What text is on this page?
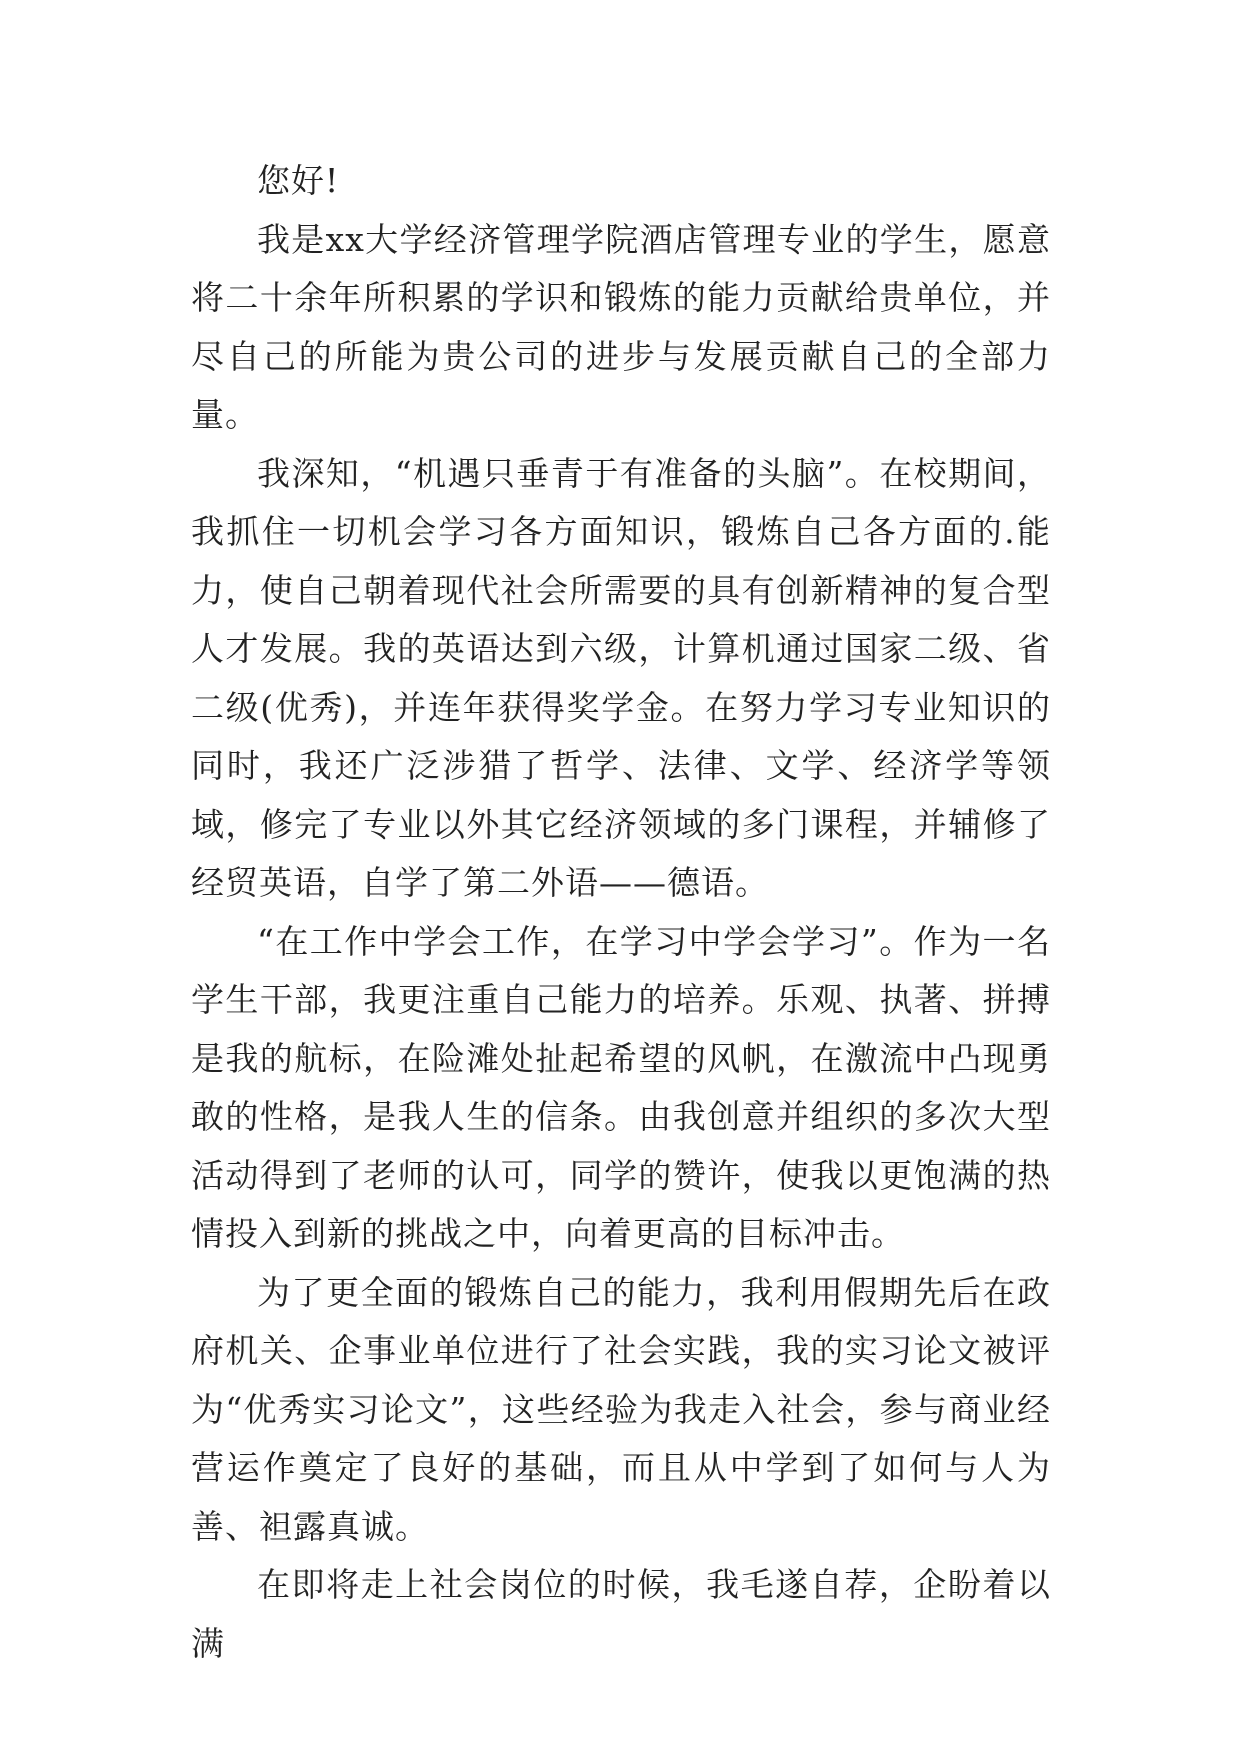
您好!

我是xx大学经济管理学院酒店管理专业的学生，愿意将二十余年所积累的学识和锻炼的能力贡献给贵单位，并尽自己的所能为贵公司的进步与发展贡献自己的全部力量。

我深知，“机遇只垂青于有准备的头脑”。在校期间，我抓住一切机会学习各方面知识，锻炼自己各方面的.能力，使自己朝着现代社会所需要的具有创新精神的复合型人才发展。我的英语达到六级，计算机通过国家二级、省二级(优秀)，并连年获得奖学金。在努力学习专业知识的同时，我还广泛涉猎了哲学、法律、文学、经济学等领域，修完了专业以外其它经济领域的多门课程，并辅修了经贸英语，自学了第二外语——德语。

“在工作中学会工作，在学习中学会学习”。作为一名学生干部，我更注重自己能力的培养。乐观、执著、拼搏是我的航标，在险滩处扯起希望的风帆，在激流中凸现勇敢的性格，是我人生的信条。由我创意并组织的多次大型活动得到了老师的认可，同学的赞许，使我以更饱满的热情投入到新的挑战之中，向着更高的目标冲击。

为了更全面的锻炼自己的能力，我利用假期先后在政府机关、企事业单位进行了社会实践，我的实习论文被评为“优秀实习论文”，这些经验为我走入社会，参与商业经营运作奠定了良好的基础，而且从中学到了如何与人为善、袒露真诚。

在即将走上社会岗位的时候，我毛遂自荐，企盼着以满
